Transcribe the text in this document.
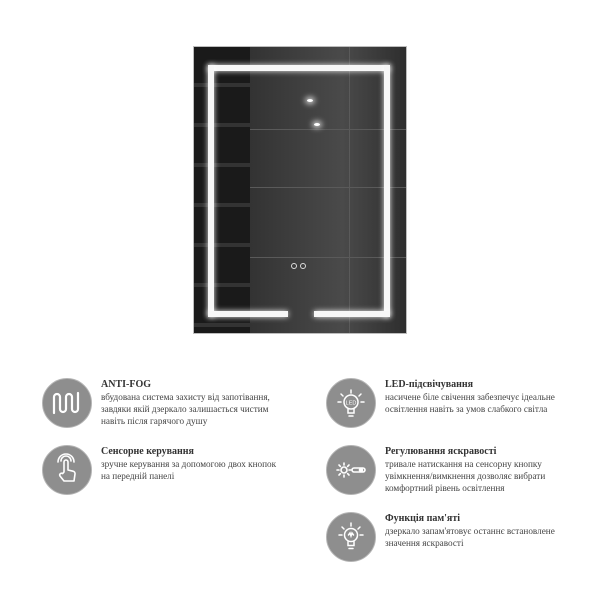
ANTI-FOG
вбудована система захисту від запотівання,
завдяки якій дзеркало залишається чистим
навіть після гарячого душу
Сенсорне керування
зручне керування за допомогою двох кнопок
на передній панелі
LED
LED-підсвічування
насичене біле свічення забезпечує ідеальне
освітлення навіть за умов слабкого світла
Регулювання яскравості
тривале натискання на сенсорну кнопку
увімкнення/вимкнення дозволяє вибрати
комфортний рівень освітлення
Функція пам'яті
дзеркало запам'ятовує останнє встановлене
значення яскравості
